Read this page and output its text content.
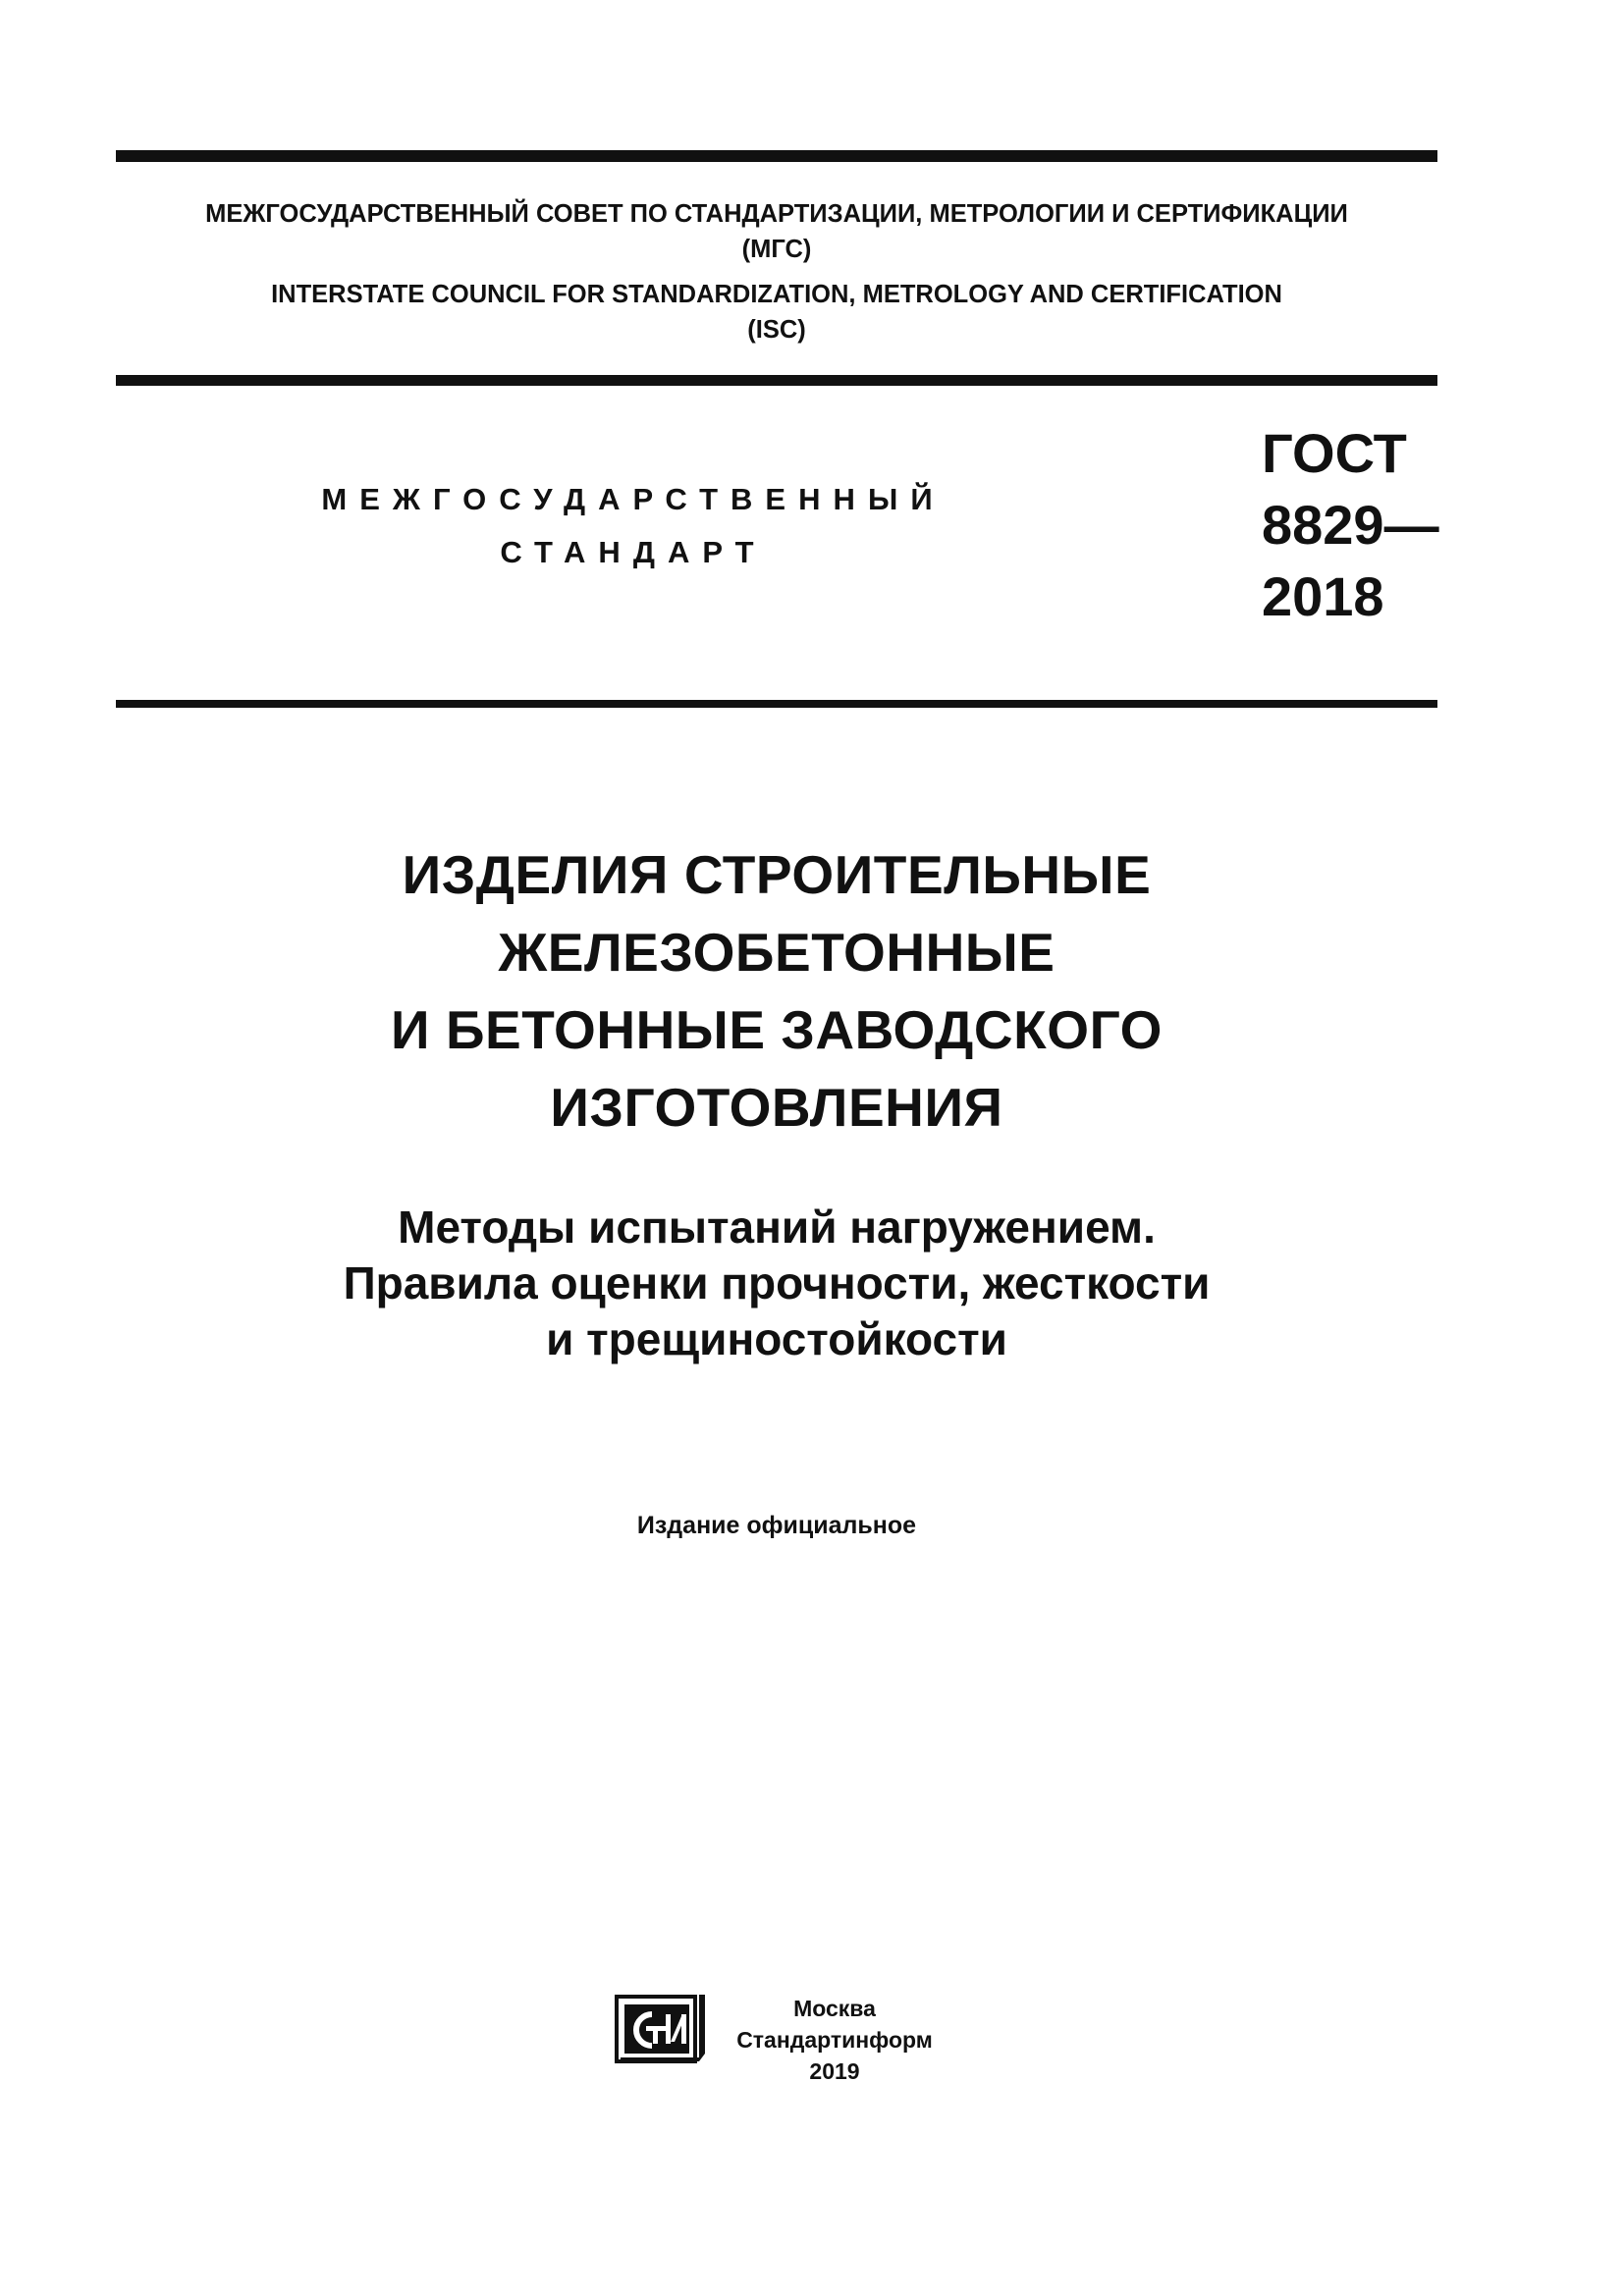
МЕЖГОСУДАРСТВЕННЫЙ СОВЕТ ПО СТАНДАРТИЗАЦИИ, МЕТРОЛОГИИ И СЕРТИФИКАЦИИ
(МГС)
INTERSTATE COUNCIL FOR STANDARDIZATION, METROLOGY AND CERTIFICATION
(ISC)
МЕЖГОСУДАРСТВЕННЫЙ
СТАНДАРТ
ГОСТ
8829—
2018
ИЗДЕЛИЯ СТРОИТЕЛЬНЫЕ
ЖЕЛЕЗОБЕТОННЫЕ
И БЕТОННЫЕ ЗАВОДСКОГО
ИЗГОТОВЛЕНИЯ
Методы испытаний нагружением.
Правила оценки прочности, жесткости
и трещиностойкости
Издание официальное
Москва
Стандартинформ
2019
